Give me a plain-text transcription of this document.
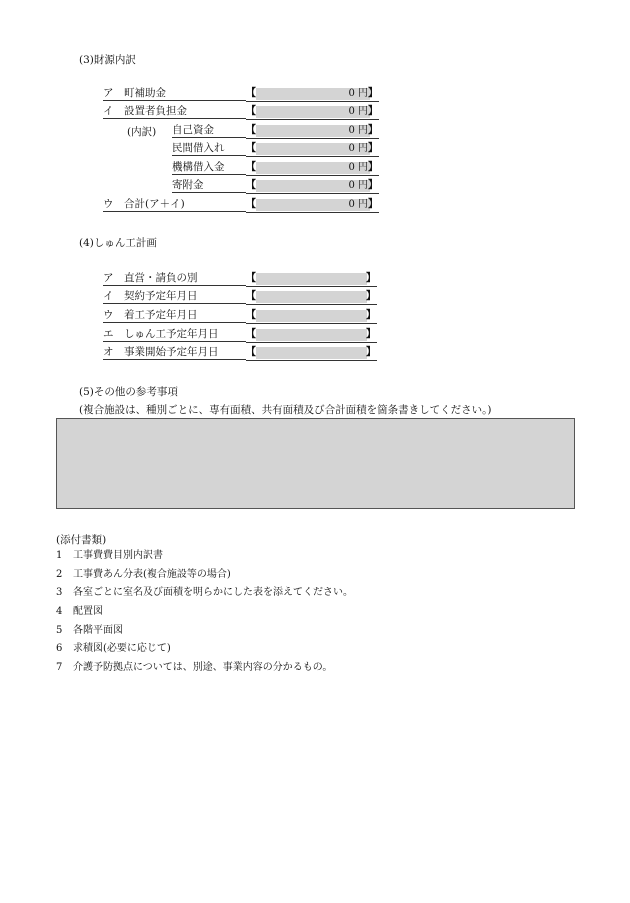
(3)財源内訳
ア　町補助金	【	0 円 】
イ　設置者負担金	【	0 円 】
(内訳) 自己資金	【	0 円 】
民間借入れ	【	0 円 】
機構借入金	【	0 円 】
寄附金	【	0 円 】
ウ　合計(ア＋イ)	【	0 円 】
(4)しゅん工計画
ア　直営・請負の別	【	】
イ　契約予定年月日	【	】
ウ　着工予定年月日	【	】
エ　しゅん工予定年月日	【	】
オ　事業開始予定年月日	【	】
(5)その他の参考事項
(複合施設は、種別ごとに、専有面積、共有面積及び合計面積を箇条書きしてください。)
(添付書類)
1 工事費費目別内訳書
2 工事費あん分表(複合施設等の場合)
3 各室ごとに室名及び面積を明らかにした表を添えてください。
4 配置図
5 各階平面図
6 求積図(必要に応じて)
7 介護予防拠点については、別途、事業内容の分かるもの。
